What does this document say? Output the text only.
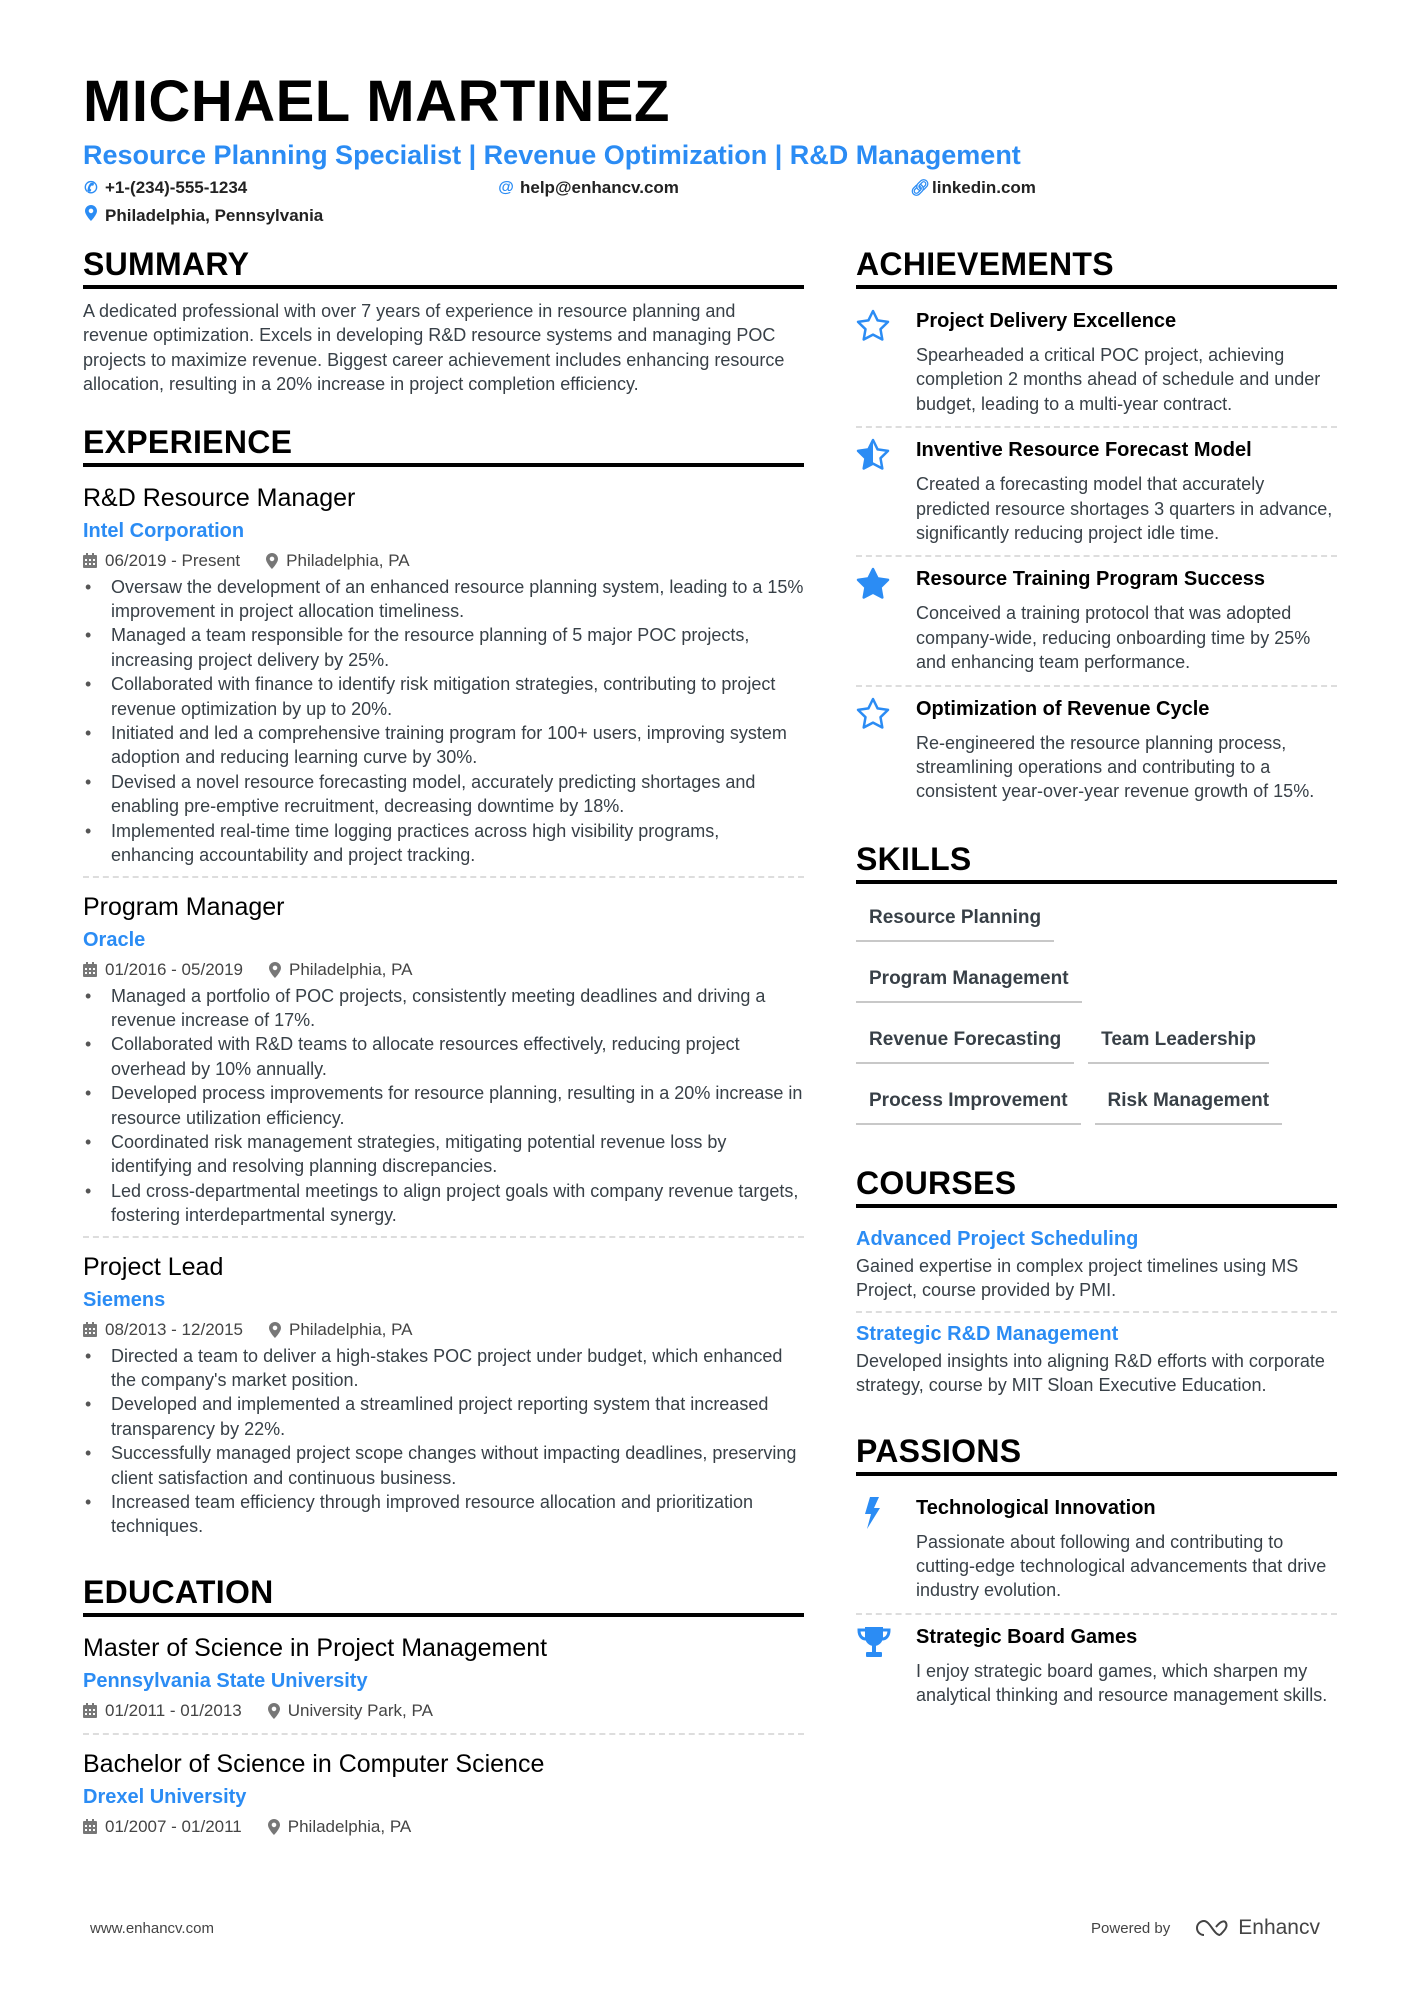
MICHAEL MARTINEZ
Resource Planning Specialist | Revenue Optimization | R&D Management
✆ +1-(234)-555-1234	@ help@enhancv.com	🔗︎ linkedin.com
Philadelphia, Pennsylvania
SUMMARY

A dedicated professional with over 7 years of experience in resource planning and revenue optimization. Excels in developing R&D resource systems and managing POC projects to maximize revenue. Biggest career achievement includes enhancing resource allocation, resulting in a 20% increase in project completion efficiency.

EXPERIENCE
R&D Resource Manager
Intel Corporation
06/2019 - Present	Philadelphia, PA
• Oversaw the development of an enhanced resource planning system, leading to a 15% improvement in project allocation timeliness.
• Managed a team responsible for the resource planning of 5 major POC projects, increasing project delivery by 25%.
• Collaborated with finance to identify risk mitigation strategies, contributing to project revenue optimization by up to 20%.
• Initiated and led a comprehensive training program for 100+ users, improving system adoption and reducing learning curve by 30%.
• Devised a novel resource forecasting model, accurately predicting shortages and enabling pre-emptive recruitment, decreasing downtime by 18%.
• Implemented real-time time logging practices across high visibility programs, enhancing accountability and project tracking.
Program Manager
Oracle
01/2016 - 05/2019	Philadelphia, PA
• Managed a portfolio of POC projects, consistently meeting deadlines and driving a revenue increase of 17%.
• Collaborated with R&D teams to allocate resources effectively, reducing project overhead by 10% annually.
• Developed process improvements for resource planning, resulting in a 20% increase in resource utilization efficiency.
• Coordinated risk management strategies, mitigating potential revenue loss by identifying and resolving planning discrepancies.
• Led cross-departmental meetings to align project goals with company revenue targets, fostering interdepartmental synergy.
Project Lead
Siemens
08/2013 - 12/2015	Philadelphia, PA
• Directed a team to deliver a high-stakes POC project under budget, which enhanced the company's market position.
• Developed and implemented a streamlined project reporting system that increased transparency by 22%.
• Successfully managed project scope changes without impacting deadlines, preserving client satisfaction and continuous business.
• Increased team efficiency through improved resource allocation and prioritization techniques.
EDUCATION
Master of Science in Project Management
Pennsylvania State University
01/2011 - 01/2013	University Park, PA
Bachelor of Science in Computer Science
Drexel University
01/2007 - 01/2011	Philadelphia, PA
ACHIEVEMENTS
Project Delivery Excellence

Spearheaded a critical POC project, achieving completion 2 months ahead of schedule and under budget, leading to a multi-year contract.

Inventive Resource Forecast Model

Created a forecasting model that accurately predicted resource shortages 3 quarters in advance, significantly reducing project idle time.

Resource Training Program Success

Conceived a training protocol that was adopted company-wide, reducing onboarding time by 25% and enhancing team performance.

Optimization of Revenue Cycle

Re-engineered the resource planning process, streamlining operations and contributing to a consistent year-over-year revenue growth of 15%.

SKILLS
Resource Planning
Program Management
Revenue Forecasting	Team Leadership
Process Improvement	Risk Management
COURSES
Advanced Project Scheduling

Gained expertise in complex project timelines using MS Project, course provided by PMI.

Strategic R&D Management

Developed insights into aligning R&D efforts with corporate strategy, course by MIT Sloan Executive Education.

PASSIONS
Technological Innovation

Passionate about following and contributing to cutting-edge technological advancements that drive industry evolution.

Strategic Board Games

I enjoy strategic board games, which sharpen my analytical thinking and resource management skills.

www.enhancv.com	Powered by	Enhancv
